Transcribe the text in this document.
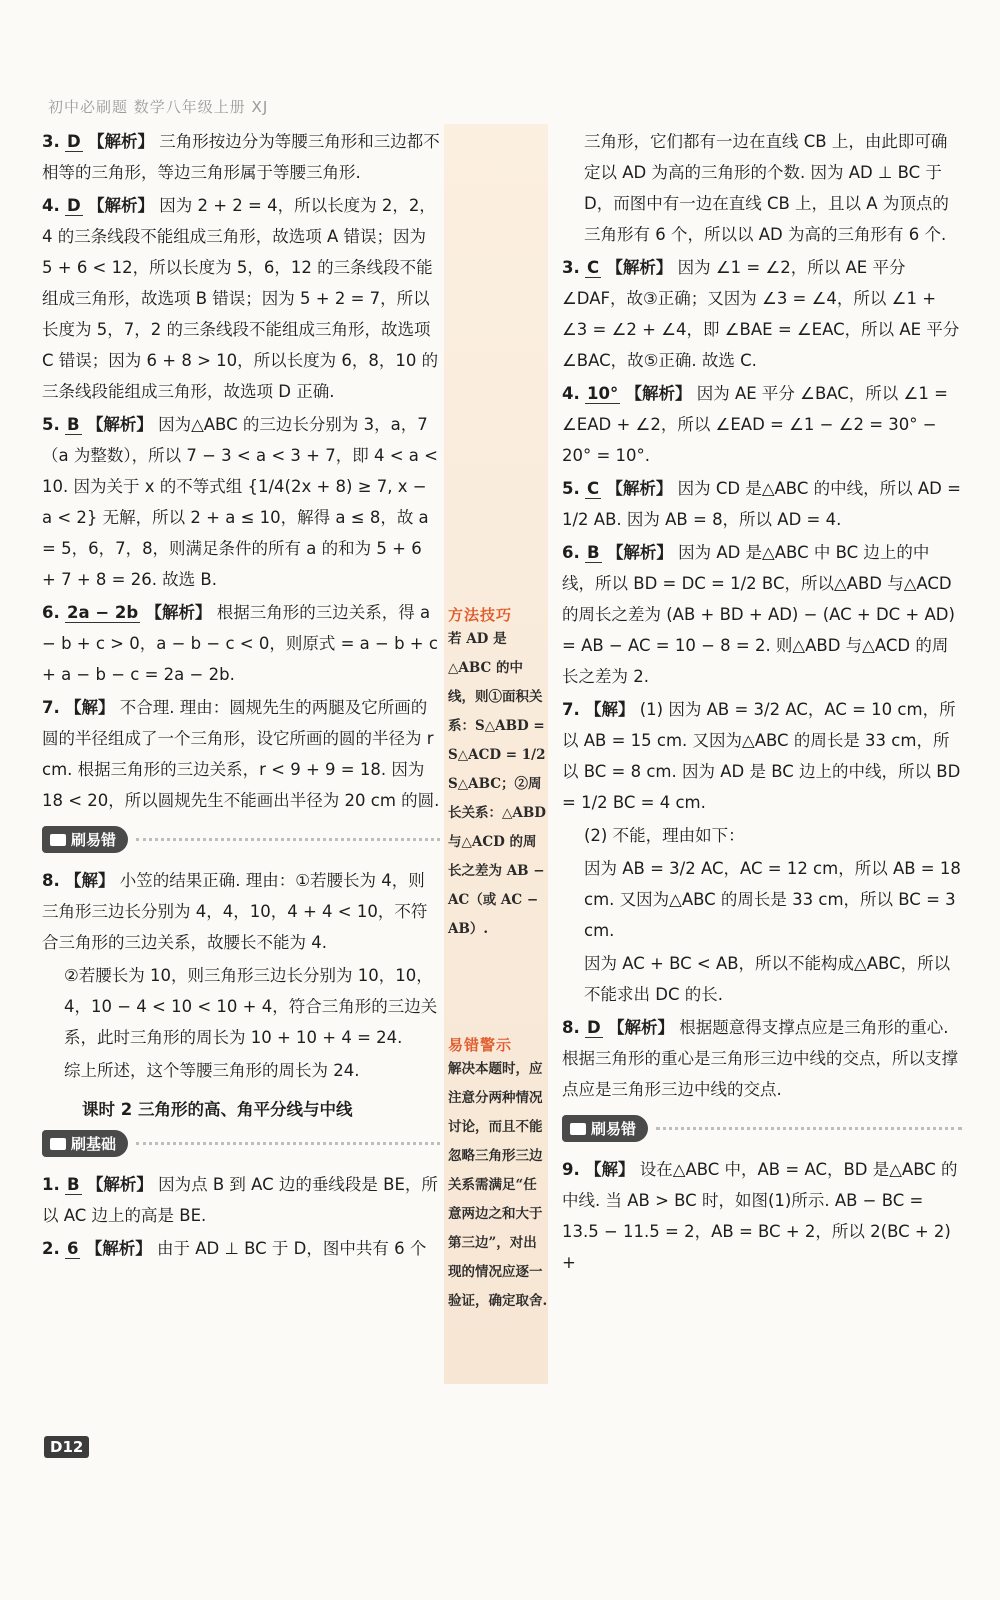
初中必刷题 数学八年级上册 XJ
方法技巧
若 AD 是△ABC 的中线，则①面积关系：S△ABD = S△ACD = 1/2 S△ABC；②周长关系：△ABD 与△ACD 的周长之差为 AB − AC（或 AC − AB）.
易错警示
解决本题时，应注意分两种情况讨论，而且不能忽略三角形三边关系需满足“任意两边之和大于第三边”，对出现的情况应逐一验证，确定取舍.

3. D 【解析】 三角形按边分为等腰三角形和三边都不相等的三角形，等边三角形属于等腰三角形.

4. D 【解析】 因为 2 + 2 = 4，所以长度为 2，2，4 的三条线段不能组成三角形，故选项 A 错误；因为 5 + 6 < 12，所以长度为 5，6，12 的三条线段不能组成三角形，故选项 B 错误；因为 5 + 2 = 7，所以长度为 5，7，2 的三条线段不能组成三角形，故选项 C 错误；因为 6 + 8 > 10，所以长度为 6，8，10 的三条线段能组成三角形，故选项 D 正确.

5. B 【解析】 因为△ABC 的三边长分别为 3，a，7（a 为整数），所以 7 − 3 < a < 3 + 7，即 4 < a < 10. 因为关于 x 的不等式组 {1/4(2x + 8) ≥ 7, x − a < 2} 无解，所以 2 + a ≤ 10，解得 a ≤ 8，故 a = 5，6，7，8，则满足条件的所有 a 的和为 5 + 6 + 7 + 8 = 26. 故选 B.

6. 2a − 2b 【解析】 根据三角形的三边关系，得 a − b + c > 0，a − b − c < 0，则原式 = a − b + c + a − b − c = 2a − 2b.

7. 【解】 不合理. 理由：圆规先生的两腿及它所画的圆的半径组成了一个三角形，设它所画的圆的半径为 r cm. 根据三角形的三边关系，r < 9 + 9 = 18. 因为 18 < 20，所以圆规先生不能画出半径为 20 cm 的圆.

刷易错

8. 【解】 小笠的结果正确. 理由：①若腰长为 4，则三角形三边长分别为 4，4，10，4 + 4 < 10，不符合三角形的三边关系，故腰长不能为 4.

②若腰长为 10，则三角形三边长分别为 10，10，4，10 − 4 < 10 < 10 + 4，符合三角形的三边关系，此时三角形的周长为 10 + 10 + 4 = 24.

综上所述，这个等腰三角形的周长为 24.

课时 2 三角形的高、角平分线与中线
刷基础

1. B 【解析】 因为点 B 到 AC 边的垂线段是 BE，所以 AC 边上的高是 BE.

2. 6 【解析】 由于 AD ⊥ BC 于 D，图中共有 6 个

三角形，它们都有一边在直线 CB 上，由此即可确定以 AD 为高的三角形的个数. 因为 AD ⊥ BC 于 D，而图中有一边在直线 CB 上，且以 A 为顶点的三角形有 6 个，所以以 AD 为高的三角形有 6 个.

3. C 【解析】 因为 ∠1 = ∠2，所以 AE 平分 ∠DAF，故③正确；又因为 ∠3 = ∠4，所以 ∠1 + ∠3 = ∠2 + ∠4，即 ∠BAE = ∠EAC，所以 AE 平分 ∠BAC，故⑤正确. 故选 C.

4. 10° 【解析】 因为 AE 平分 ∠BAC，所以 ∠1 = ∠EAD + ∠2，所以 ∠EAD = ∠1 − ∠2 = 30° − 20° = 10°.

5. C 【解析】 因为 CD 是△ABC 的中线，所以 AD = 1/2 AB. 因为 AB = 8，所以 AD = 4.

6. B 【解析】 因为 AD 是△ABC 中 BC 边上的中线，所以 BD = DC = 1/2 BC，所以△ABD 与△ACD 的周长之差为 (AB + BD + AD) − (AC + DC + AD) = AB − AC = 10 − 8 = 2. 则△ABD 与△ACD 的周长之差为 2.

7. 【解】 (1) 因为 AB = 3/2 AC，AC = 10 cm，所以 AB = 15 cm. 又因为△ABC 的周长是 33 cm，所以 BC = 8 cm. 因为 AD 是 BC 边上的中线，所以 BD = 1/2 BC = 4 cm.

(2) 不能，理由如下：

因为 AB = 3/2 AC，AC = 12 cm，所以 AB = 18 cm. 又因为△ABC 的周长是 33 cm，所以 BC = 3 cm.

因为 AC + BC < AB，所以不能构成△ABC，所以不能求出 DC 的长.

8. D 【解析】 根据题意得支撑点应是三角形的重心. 根据三角形的重心是三角形三边中线的交点，所以支撑点应是三角形三边中线的交点.

刷易错

9. 【解】 设在△ABC 中，AB = AC，BD 是△ABC 的中线. 当 AB > BC 时，如图(1)所示. AB − BC = 13.5 − 11.5 = 2，AB = BC + 2，所以 2(BC + 2) +

D12
